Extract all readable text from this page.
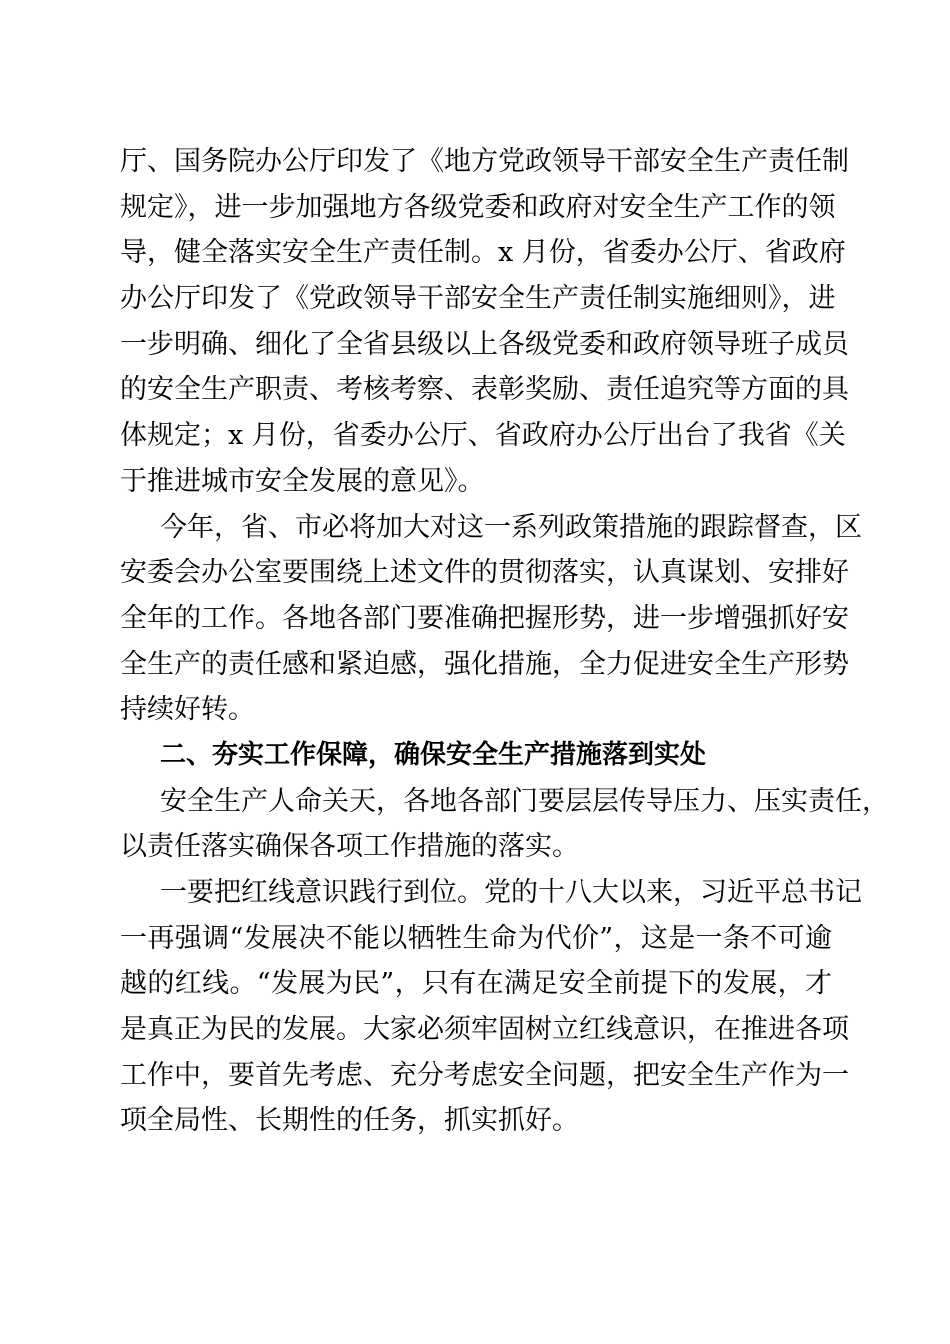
厅、国务院办公厅印发了《地方党政领导干部安全生产责任制
规定》，进一步加强地方各级党委和政府对安全生产工作的领
导，健全落实安全生产责任制。x 月份，省委办公厅、省政府
办公厅印发了《党政领导干部安全生产责任制实施细则》，进
一步明确、细化了全省县级以上各级党委和政府领导班子成员
的安全生产职责、考核考察、表彰奖励、责任追究等方面的具
体规定；x 月份，省委办公厅、省政府办公厅出台了我省《关
于推进城市安全发展的意见》。
今年，省、市必将加大对这一系列政策措施的跟踪督查，区
安委会办公室要围绕上述文件的贯彻落实，认真谋划、安排好
全年的工作。各地各部门要准确把握形势，进一步增强抓好安
全生产的责任感和紧迫感，强化措施，全力促进安全生产形势
持续好转。
二、夯实工作保障，确保安全生产措施落到实处
安全生产人命关天，各地各部门要层层传导压力、压实责任，
以责任落实确保各项工作措施的落实。
一要把红线意识践行到位。党的十八大以来，习近平总书记
一再强调“发展决不能以牺牲生命为代价”，这是一条不可逾
越的红线。“发展为民”，只有在满足安全前提下的发展，才
是真正为民的发展。大家必须牢固树立红线意识，在推进各项
工作中，要首先考虑、充分考虑安全问题，把安全生产作为一
项全局性、长期性的任务，抓实抓好。
